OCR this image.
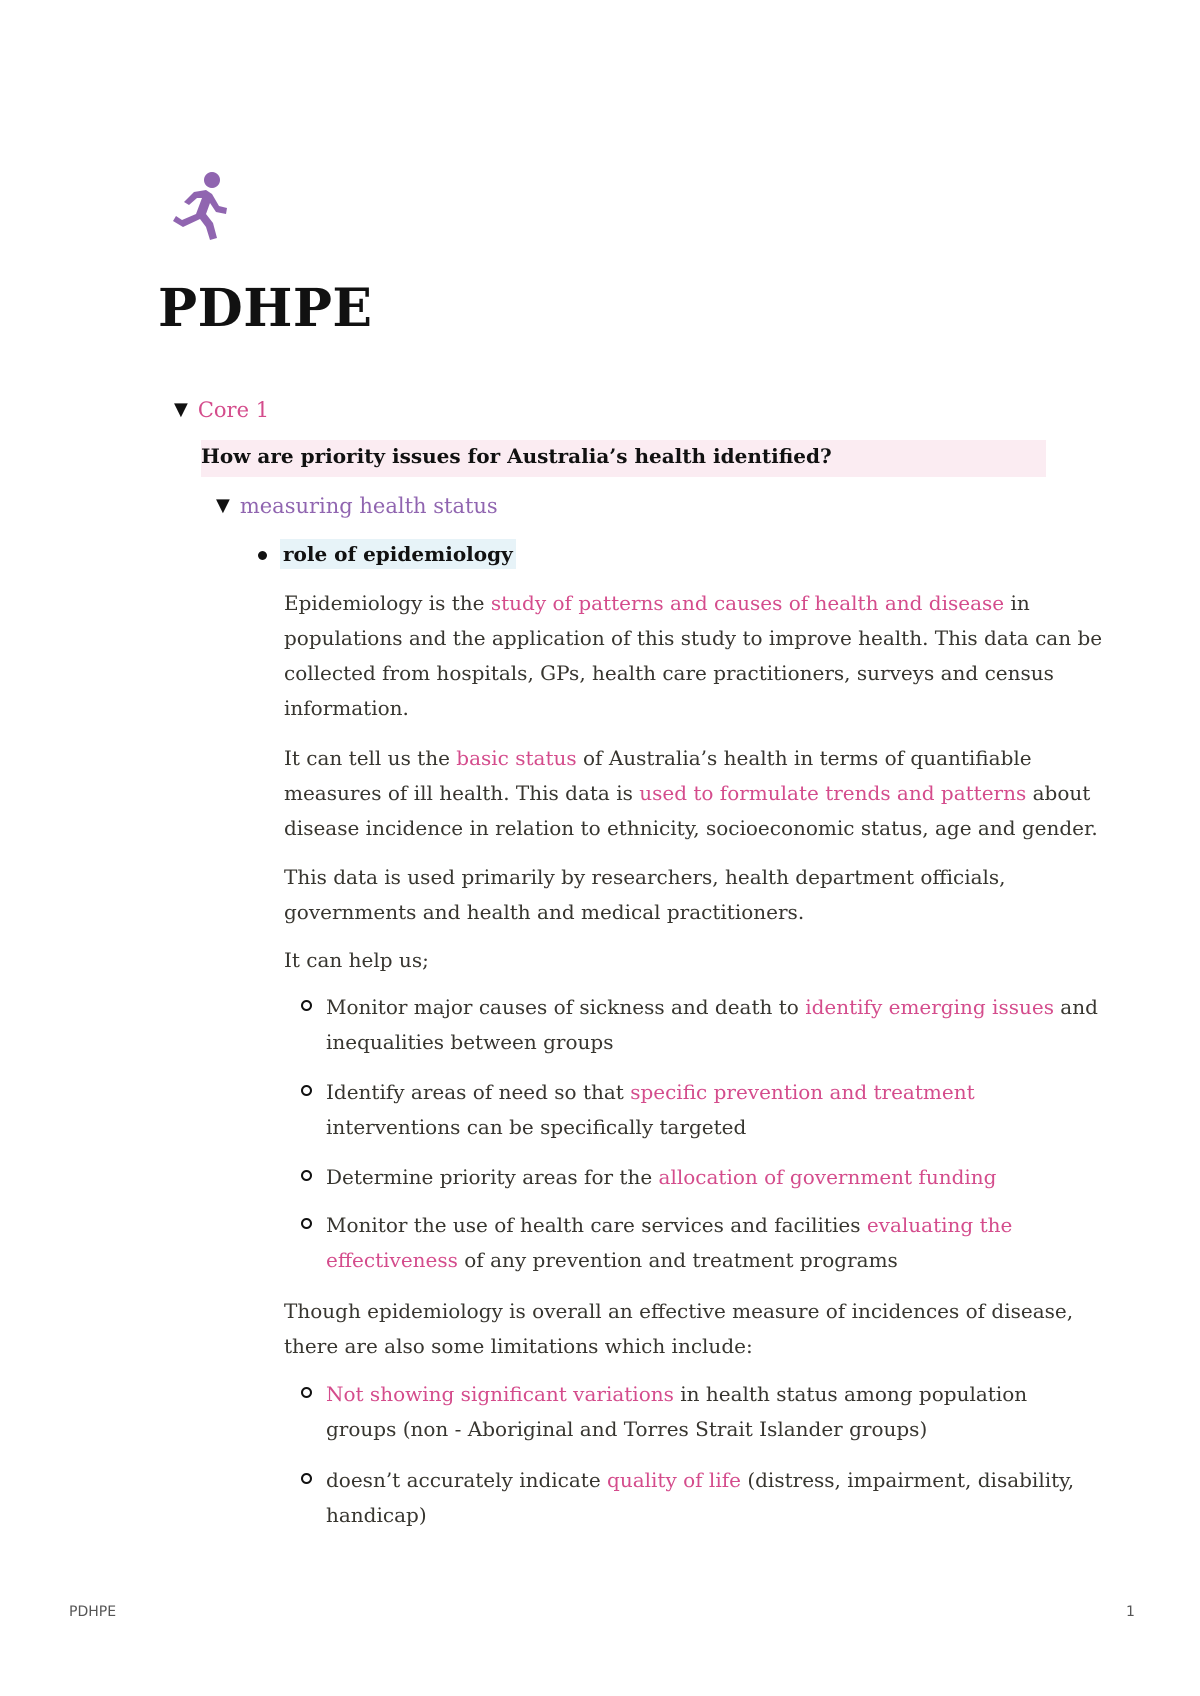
PDHPE
▼ Core 1
How are priority issues for Australia’s health identified?
▼ measuring health status
role of epidemiology

Epidemiology is the study of patterns and causes of health and disease in
populations and the application of this study to improve health. This data can be
collected from hospitals, GPs, health care practitioners, surveys and census
information.

It can tell us the basic status of Australia’s health in terms of quantifiable
measures of ill health. This data is used to formulate trends and patterns about
disease incidence in relation to ethnicity, socioeconomic status, age and gender.

This data is used primarily by researchers, health department officials,
governments and health and medical practitioners.

It can help us;

Monitor major causes of sickness and death to identify emerging issues and
inequalities between groups

Identify areas of need so that specific prevention and treatment
interventions can be specifically targeted

Determine priority areas for the allocation of government funding

Monitor the use of health care services and facilities evaluating the
effectiveness of any prevention and treatment programs

Though epidemiology is overall an effective measure of incidences of disease,
there are also some limitations which include:

Not showing significant variations in health status among population
groups (non - Aboriginal and Torres Strait Islander groups)

doesn’t accurately indicate quality of life (distress, impairment, disability,
handicap)

PDHPE	1
